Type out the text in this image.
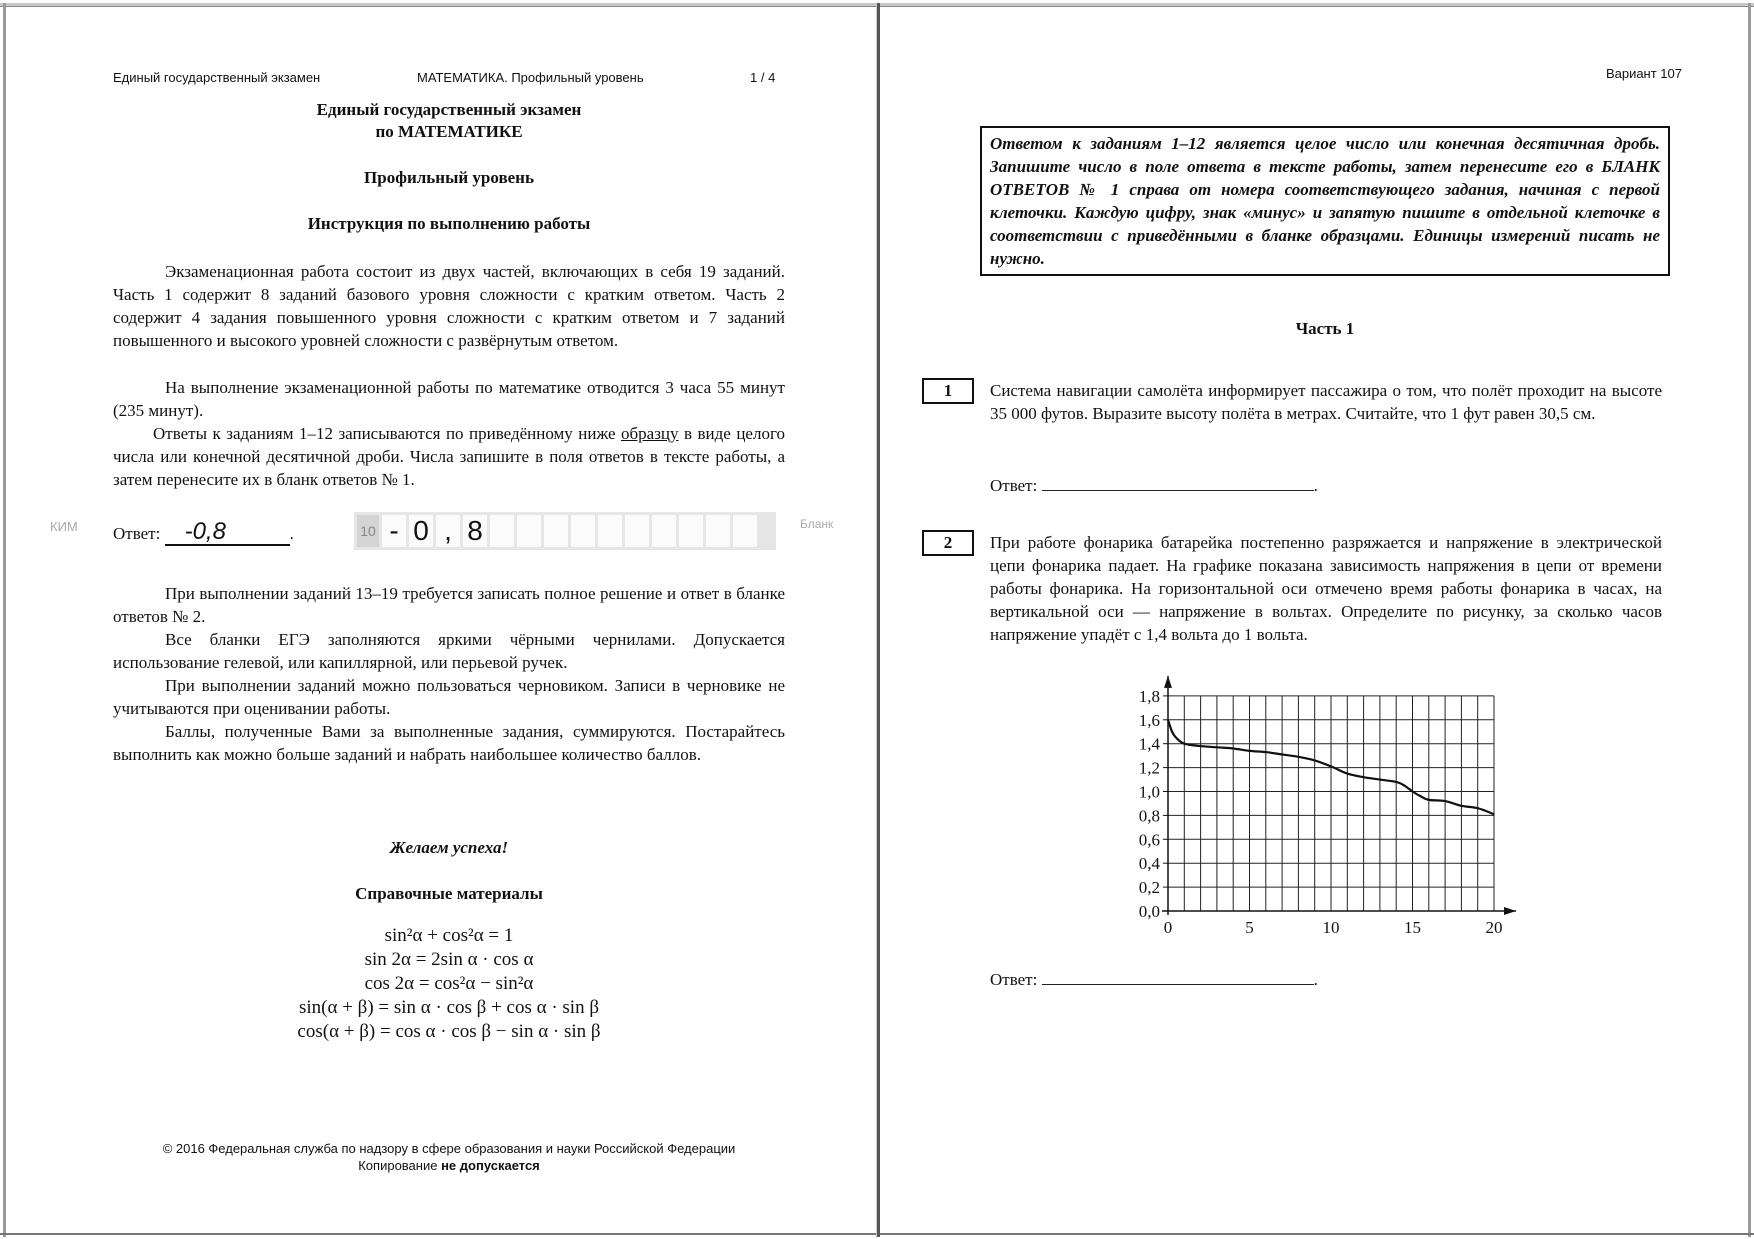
Единый государственный экзамен	МАТЕМАТИКА. Профильный уровень	1 / 4
Единый государственный экзамен
по МАТЕМАТИКЕ
Профильный уровень
Инструкция по выполнению работы
Экзаменационная работа состоит из двух частей, включающих в себя 19 заданий. Часть 1 содержит 8 заданий базового уровня сложности с кратким ответом. Часть 2 содержит 4 задания повышенного уровня сложности с кратким ответом и 7 заданий повышенного и высокого уровней сложности с развёрнутым ответом.
На выполнение экзаменационной работы по математике отводится 3 часа 55 минут (235 минут).
Ответы к заданиям 1–12 записываются по приведённому ниже образцу в виде целого числа или конечной десятичной дроби. Числа запишите в поля ответов в тексте работы, а затем перенесите их в бланк ответов № 1.
КИМ Ответ: -0,8	.	10 - 0 , 8	Бланк
При выполнении заданий 13–19 требуется записать полное решение и ответ в бланке ответов № 2.
Все бланки ЕГЭ заполняются яркими чёрными чернилами. Допускается использование гелевой, или капиллярной, или перьевой ручек.
При выполнении заданий можно пользоваться черновиком. Записи в черновике не учитываются при оценивании работы.
Баллы, полученные Вами за выполненные задания, суммируются. Постарайтесь выполнить как можно больше заданий и набрать наибольшее количество баллов.
Желаем успеха!
Справочные материалы
sin²α + cos²α = 1
sin 2α = 2sin α · cos α
cos 2α = cos²α − sin²α
sin(α + β) = sin α · cos β + cos α · sin β
cos(α + β) = cos α · cos β − sin α · sin β
© 2016 Федеральная служба по надзору в сфере образования и науки Российской Федерации
Копирование не допускается
Вариант 107
Ответом к заданиям 1–12 является целое число или конечная десятичная дробь. Запишите число в поле ответа в тексте работы, затем перенесите его в БЛАНК ОТВЕТОВ № 1 справа от номера соответствующего задания, начиная с первой клеточки. Каждую цифру, знак «минус» и запятую пишите в отдельной клеточке в соответствии с приведёнными в бланке образцами. Единицы измерений писать не нужно.
Часть 1
1	Система навигации самолёта информирует пассажира о том, что полёт проходит на высоте 35 000 футов. Выразите высоту полёта в метрах. Считайте, что 1 фут равен 30,5 см.
Ответ:	.
2	При работе фонарика батарейка постепенно разряжается и напряжение в электрической цепи фонарика падает. На графике показана зависимость напряжения в цепи от времени работы фонарика. На горизонтальной оси отмечено время работы фонарика в часах, на вертикальной оси — напряжение в вольтах. Определите по рисунку, за сколько часов напряжение упадёт с 1,4 вольта до 1 вольта.
0,0
0,2
0,4
0,6
0,8
1,0
1,2
1,4
1,6
1,8
0	5	10	15	20
Ответ:	.
